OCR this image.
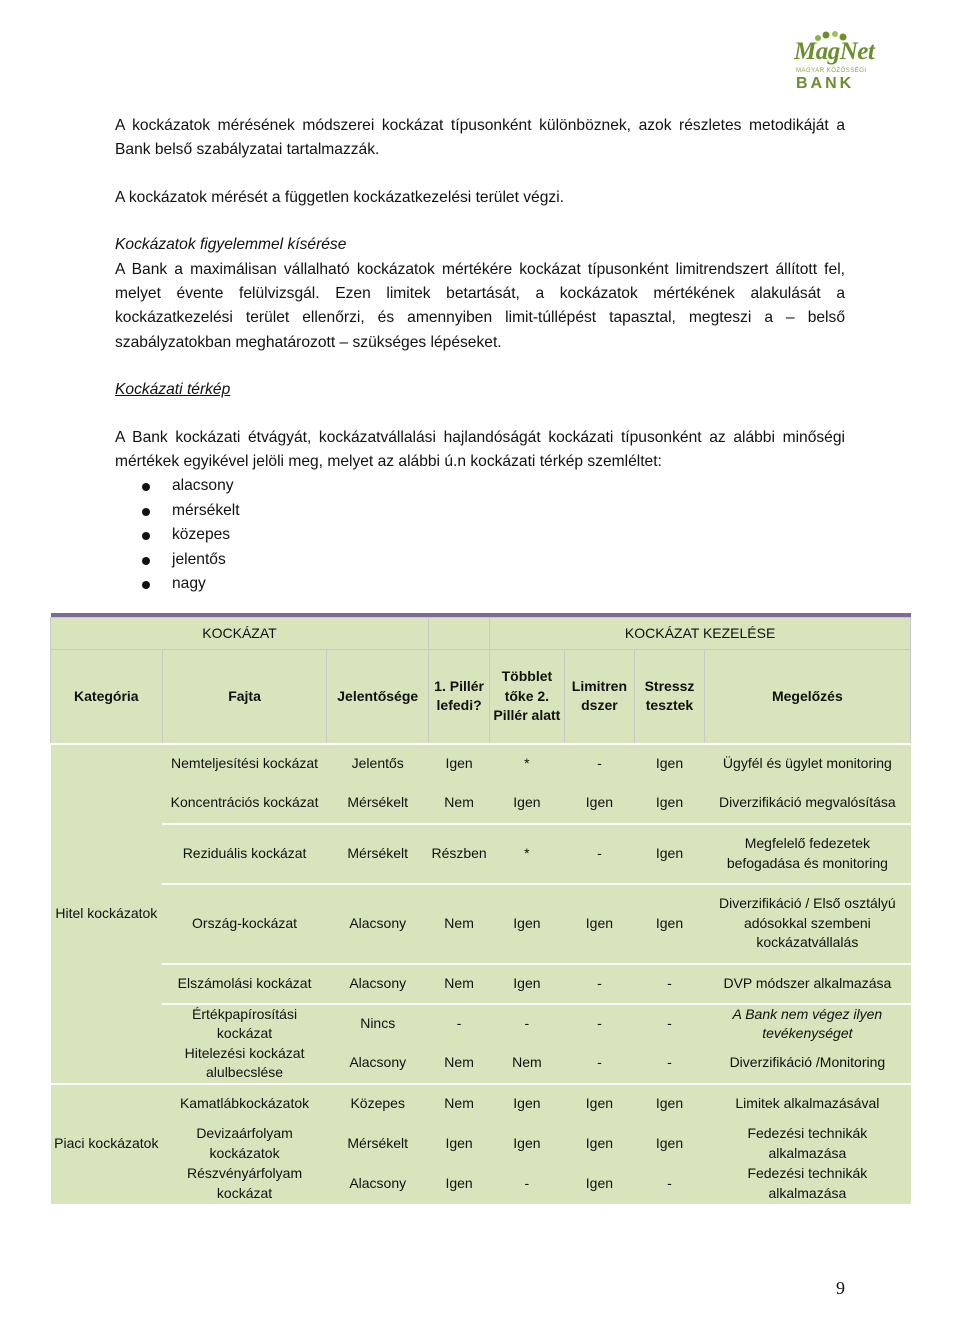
MagNet
MAGYAR KÖZÖSSÉGI
BANK

A kockázatok mérésének módszerei kockázat típusonként különböznek, azok részletes metodikáját a Bank belső szabályzatai tartalmazzák.

A kockázatok mérését a független kockázatkezelési terület végzi.

Kockázatok figyelemmel kísérése

A Bank a maximálisan vállalható kockázatok mértékére kockázat típusonként limitrendszert állított fel, melyet évente felülvizsgál. Ezen limitek betartását, a kockázatok mértékének alakulását a kockázatkezelési terület ellenőrzi, és amennyiben limit-túllépést tapasztal, megteszi a – belső szabályzatokban meghatározott – szükséges lépéseket.

Kockázati térkép

A Bank kockázati étvágyát, kockázatvállalási hajlandóságát kockázati típusonként az alábbi minőségi mértékek egyikével jelöli meg, melyet az alábbi ú.n kockázati térkép szemléltet:

alacsony
mérsékelt
közepes
jelentős
nagy

KOCKÁZAT				KOCKÁZAT KEZELÉSE			
Kategória	Fajta	Jelentősége	1. Pillér lefedi?	Többlet tőke 2. Pillér alatt	Limitren dszer	Stressz tesztek	Megelőzés
Hitel kockázatok	Nemteljesítési kockázat	Jelentős	Igen	*	-	Igen	Ügyfél és ügylet monitoring
	Koncentrációs kockázat	Mérsékelt	Nem	Igen	Igen	Igen	Diverzifikáció megvalósítása
	Reziduális kockázat	Mérsékelt	Részben	*	-	Igen	Megfelelő fedezetek befogadása és monitoring
	Ország-kockázat	Alacsony	Nem	Igen	Igen	Igen	Diverzifikáció / Első osztályú adósokkal szembeni kockázatvállalás
	Elszámolási kockázat	Alacsony	Nem	Igen	-	-	DVP módszer alkalmazása
	Értékpapírosítási kockázat	Nincs	-	-	-	-	A Bank nem végez ilyen tevékenységet
	Hitelezési kockázat alulbecslése	Alacsony	Nem	Nem	-	-	Diverzifikáció /Monitoring
Piaci kockázatok	Kamatlábkockázatok	Közepes	Nem	Igen	Igen	Igen	Limitek alkalmazásával
	Devizaárfolyam kockázatok	Mérsékelt	Igen	Igen	Igen	Igen	Fedezési technikák alkalmazása
	Részvényárfolyam kockázat	Alacsony	Igen	-	Igen	-	Fedezési technikák alkalmazása
9
